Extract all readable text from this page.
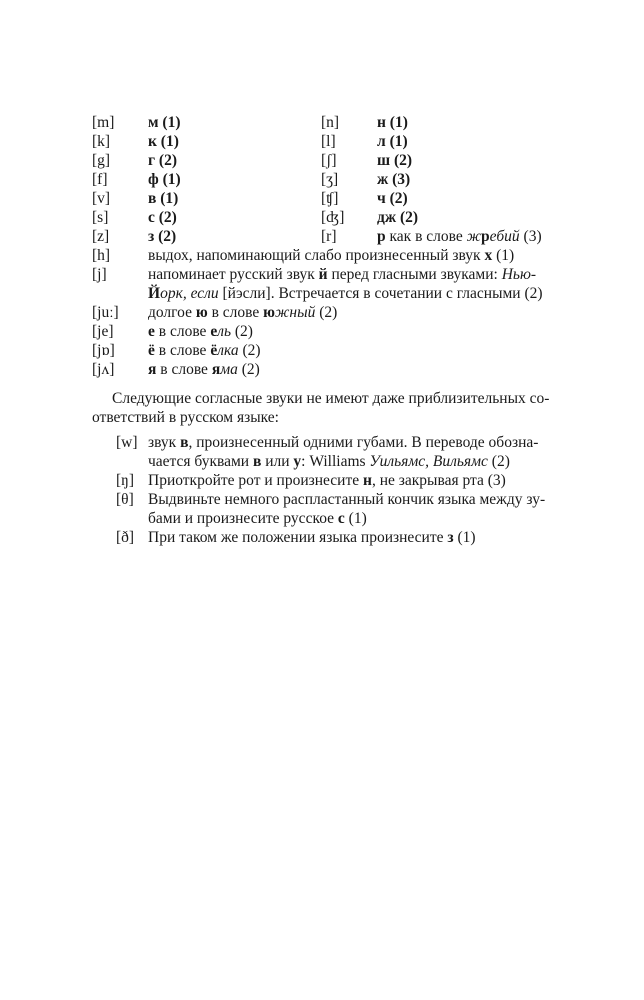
[m] м (1)	[n] н (1)
[k] к (1)	[l]	л (1)
[g] г (2)	[ʃ]	ш (2)
[f]	ф (1)	[ʒ]	ж (3)
[v] в (1)	[ʧ] ч (2)
[s]	с (2)	[ʤ] дж (2)
[z]	з (2)	[r]	р как в слове жребий (3)
[h] выдох, напоминающий слабо произнесенный звук х (1)
[j]	напоминает русский звук й перед гласными звуками: Нью-
Йорк, если [йэсли]. Встречается в сочетании с гласными (2)
[juː] долгое ю в слове южный (2)
[je] е в слове ель (2)
[jɒ] ё в слове ёлка (2)
[jʌ] я в слове яма (2)
Следующие согласные звуки не имеют даже приблизительных со-
ответствий в русском языке:
[w] звук в, произнесенный одними губами. В переводе обозна-
чается буквами в или у: Williams Уильямс, Вильямс (2)
[ŋ] Приоткройте рот и произнесите н, не закрывая рта (3)
[θ] Выдвиньте немного распластанный кончик языка между зу-
бами и произнесите русское с (1)
[ð] При таком же положении языка произнесите з (1)
